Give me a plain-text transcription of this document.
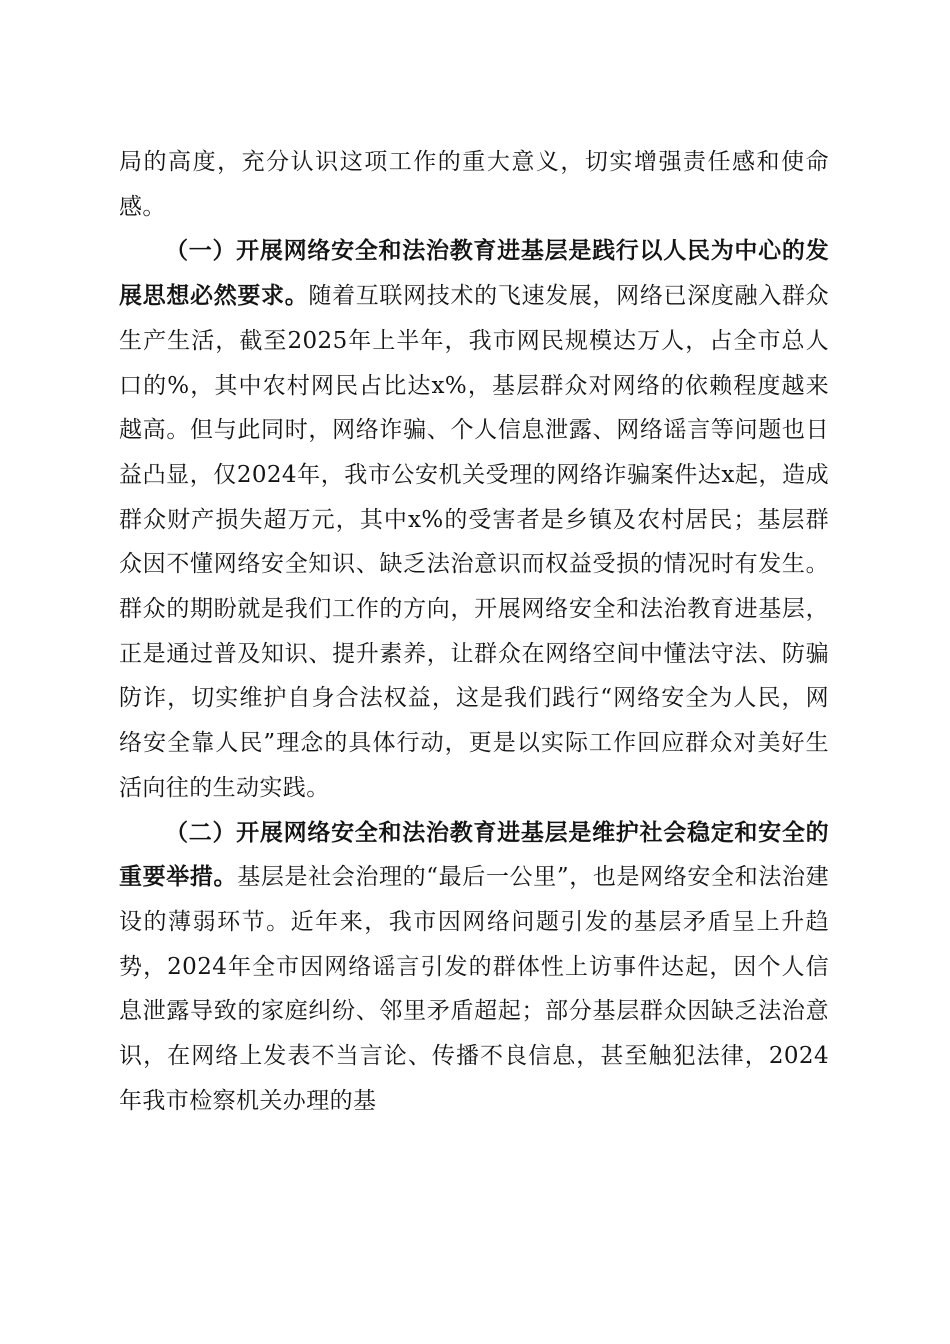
局的高度，充分认识这项工作的重大意义，切实增强责任感和使命感。

（一）开展网络安全和法治教育进基层是践行以人民为中心的发展思想必然要求。随着互联网技术的飞速发展，网络已深度融入群众生产生活，截至2025年上半年，我市网民规模达万人，占全市总人口的%，其中农村网民占比达x%，基层群众对网络的依赖程度越来越高。但与此同时，网络诈骗、个人信息泄露、网络谣言等问题也日益凸显，仅2024年，我市公安机关受理的网络诈骗案件达x起，造成群众财产损失超万元，其中x%的受害者是乡镇及农村居民；基层群众因不懂网络安全知识、缺乏法治意识而权益受损的情况时有发生。群众的期盼就是我们工作的方向，开展网络安全和法治教育进基层，正是通过普及知识、提升素养，让群众在网络空间中懂法守法、防骗防诈，切实维护自身合法权益，这是我们践行“网络安全为人民，网络安全靠人民”理念的具体行动，更是以实际工作回应群众对美好生活向往的生动实践。

（二）开展网络安全和法治教育进基层是维护社会稳定和安全的重要举措。基层是社会治理的“最后一公里”，也是网络安全和法治建设的薄弱环节。近年来，我市因网络问题引发的基层矛盾呈上升趋势，2024年全市因网络谣言引发的群体性上访事件达起，因个人信息泄露导致的家庭纠纷、邻里矛盾超起；部分基层群众因缺乏法治意识，在网络上发表不当言论、传播不良信息，甚至触犯法律，2024年我市检察机关办理的基
